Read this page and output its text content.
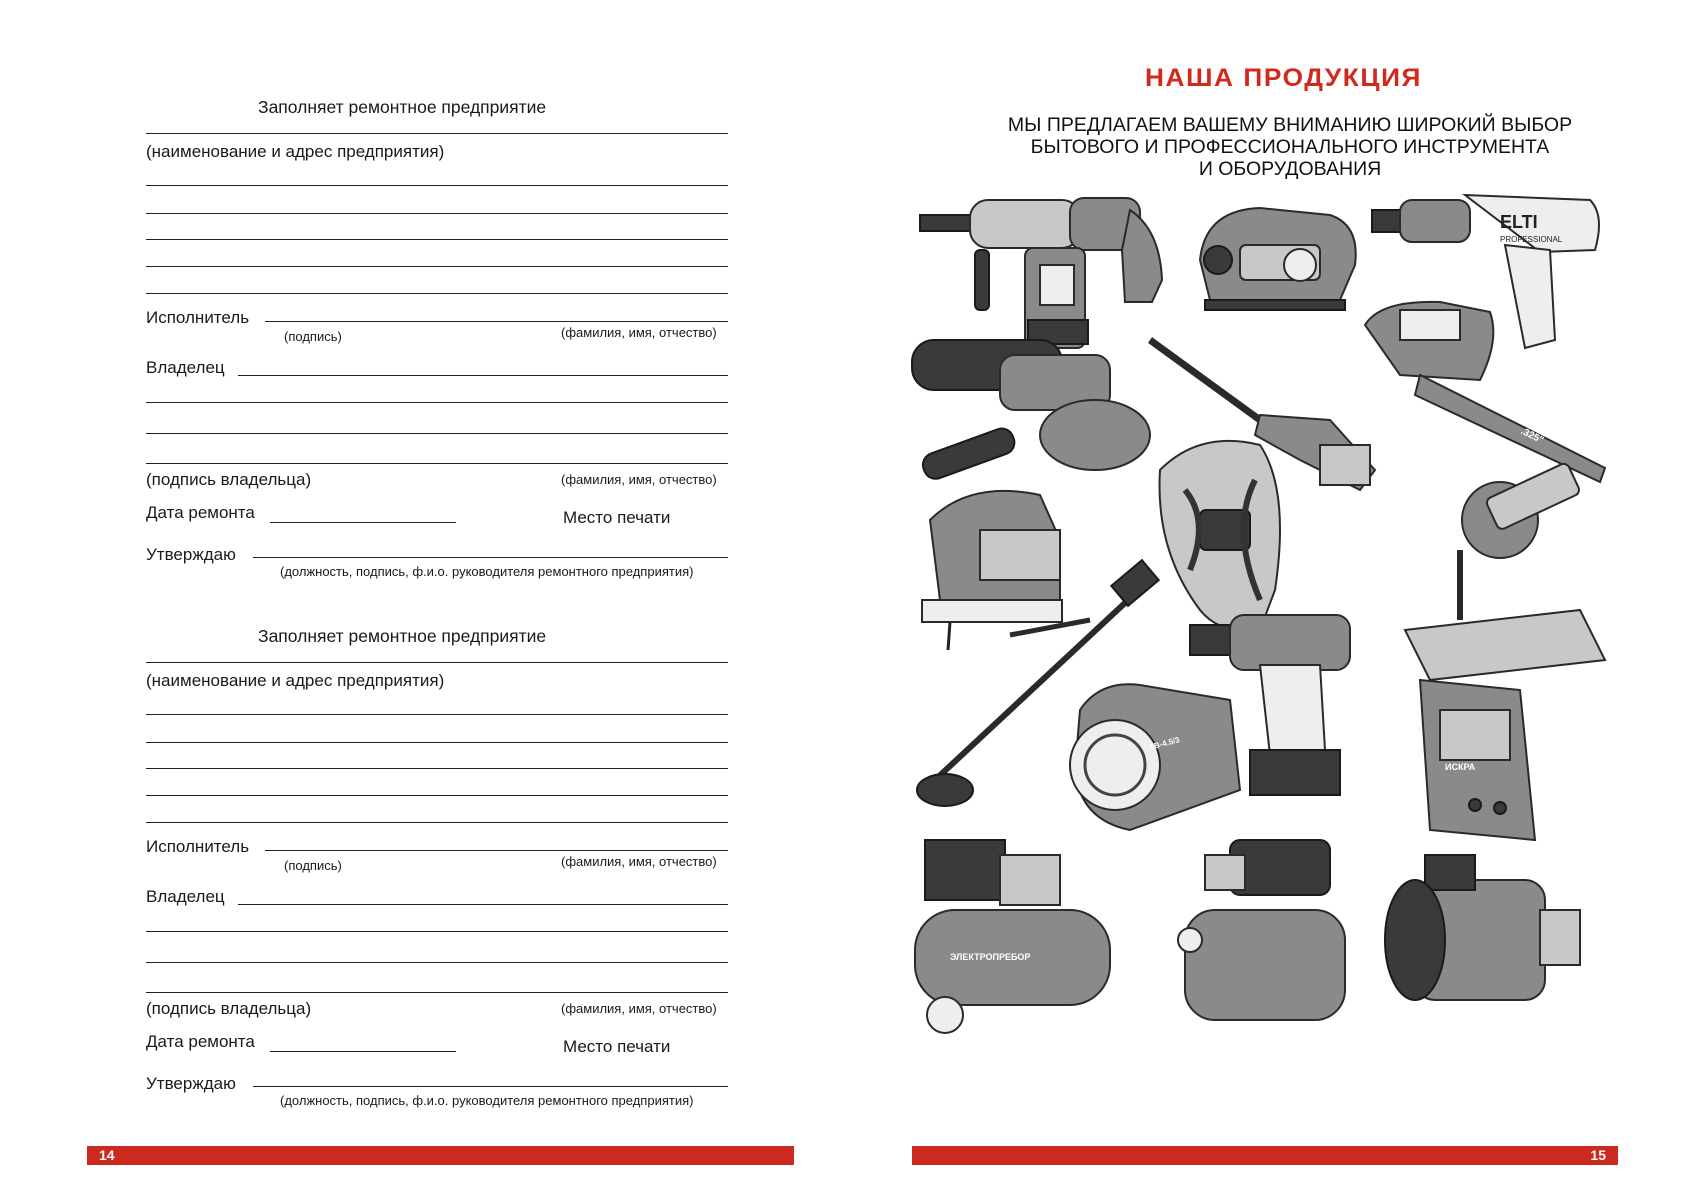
Заполняет ремонтное предприятие
(наименование и адрес предприятия)
Исполнитель
(подпись)	(фамилия, имя, отчество)
Владелец
(подпись владельца)	(фамилия, имя, отчество)
Дата ремонта	Место печати
Утверждаю
(должность, подпись, ф.и.о. руководителя ремонтного предприятия)
Заполняет ремонтное предприятие
(наименование и адрес предприятия)
Исполнитель
(подпись)	(фамилия, имя, отчество)
Владелец
(подпись владельца)	(фамилия, имя, отчество)
Дата ремонта	Место печати
Утверждаю
(должность, подпись, ф.и.о. руководителя ремонтного предприятия)
14	15
НАША ПРОДУКЦИЯ
МЫ ПРЕДЛАГАЕМ ВАШЕМУ ВНИМАНИЮ ШИРОКИЙ ВЫБОР
БЫТОВОГО И ПРОФЕССИОНАЛЬНОГО ИНСТРУМЕНТА
И ОБОРУДОВАНИЯ
ELTI
PROFESSIONAL
.325"
ТВ-4.5/3
ИСКРА
ЭЛЕКТРОПРЕБОР
